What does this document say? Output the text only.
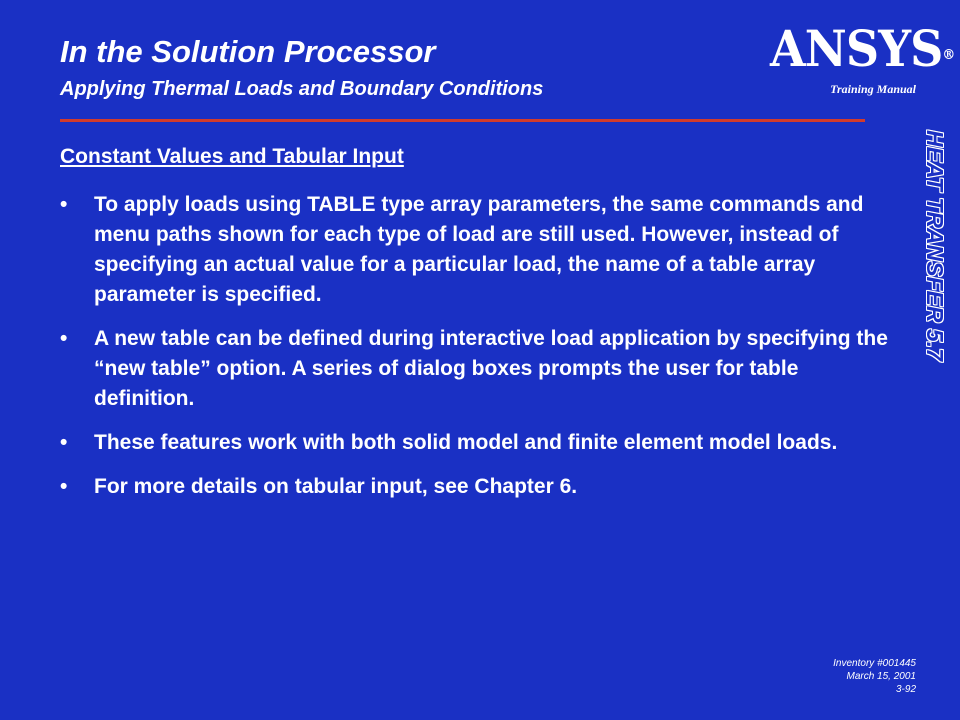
In the Solution Processor
Applying Thermal Loads and Boundary Conditions
ANSYS®
Training Manual
HEAT TRANSFER 5.7
Constant Values and Tabular Input
• To apply loads using TABLE type array parameters, the same commands and menu paths shown for each type of load are still used. However, instead of specifying an actual value for a particular load, the name of a table array parameter is specified.
• A new table can be defined during interactive load application by specifying the “new table” option. A series of dialog boxes prompts the user for table definition.
• These features work with both solid model and finite element model loads.
• For more details on tabular input, see Chapter 6.
Inventory #001445
March 15, 2001
3-92
